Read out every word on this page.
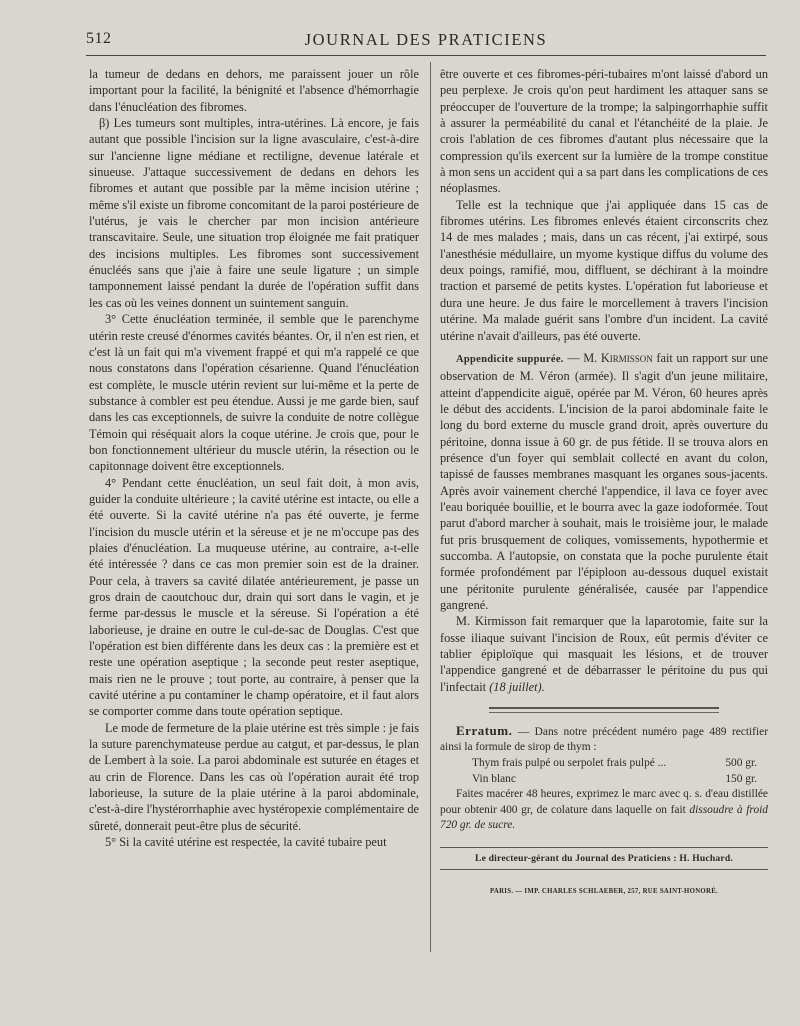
512	JOURNAL DES PRATICIENS

la tumeur de dedans en dehors, me paraissent jouer un rôle important pour la facilité, la bénignité et l'absence d'hémorrhagie dans l'énucléation des fibromes.

β) Les tumeurs sont multiples, intra-utérines. Là encore, je fais autant que possible l'incision sur la ligne avasculaire, c'est-à-dire sur l'ancienne ligne médiane et rectiligne, devenue latérale et sinueuse. J'attaque successivement de dedans en dehors les fibromes et autant que possible par la même incision utérine ; même s'il existe un fibrome concomitant de la paroi postérieure de l'utérus, je vais le chercher par mon incision antérieure transcavitaire. Seule, une situation trop éloignée me fait pratiquer des incisions multiples. Les fibromes sont successivement énucléés sans que j'aie à faire une seule ligature ; un simple tamponnement laissé pendant la durée de l'opération suffit dans les cas où les veines donnent un suintement sanguin.

3° Cette énucléation terminée, il semble que le parenchyme utérin reste creusé d'énormes cavités béantes. Or, il n'en est rien, et c'est là un fait qui m'a vivement frappé et qui m'a rappelé ce que nous constatons dans l'opération césarienne. Quand l'énucléation est complète, le muscle utérin revient sur lui-même et la perte de substance à combler est peu étendue. Aussi je me garde bien, sauf dans les cas exceptionnels, de suivre la conduite de notre collègue Témoin qui réséquait alors la coque utérine. Je crois que, pour le bon fonctionnement ultérieur du muscle utérin, la résection ou le capitonnage doivent être exceptionnels.

4° Pendant cette énucléation, un seul fait doit, à mon avis, guider la conduite ultérieure ; la cavité utérine est intacte, ou elle a été ouverte. Si la cavité utérine n'a pas été ouverte, je ferme l'incision du muscle utérin et la séreuse et je ne m'occupe pas des plaies d'énucléation. La muqueuse utérine, au contraire, a-t-elle été intéressée ? dans ce cas mon premier soin est de la drainer. Pour cela, à travers sa cavité dilatée antérieurement, je passe un gros drain de caoutchouc dur, drain qui sort dans le vagin, et je ferme par-dessus le muscle et la séreuse. Si l'opération a été laborieuse, je draine en outre le cul-de-sac de Douglas. C'est que l'opération est bien différente dans les deux cas : la première est et reste une opération aseptique ; la seconde peut rester aseptique, mais rien ne le prouve ; tout porte, au contraire, à penser que la cavité utérine a pu contaminer le champ opératoire, et il faut alors se comporter comme dans toute opération septique.

Le mode de fermeture de la plaie utérine est très simple : je fais la suture parenchymateuse perdue au catgut, et par-dessus, le plan de Lembert à la soie. La paroi abdominale est suturée en étages et au crin de Florence. Dans les cas où l'opération aurait été trop laborieuse, la suture de la plaie utérine à la paroi abdominale, c'est-à-dire l'hystérorrhaphie avec hystéropexie complémentaire de sûreté, donnerait peut-être plus de sécurité.

5° Si la cavité utérine est respectée, la cavité tubaire peut

être ouverte et ces fibromes-péri-tubaires m'ont laissé d'abord un peu perplexe. Je crois qu'on peut hardiment les attaquer sans se préoccuper de l'ouverture de la trompe; la salpingorrhaphie suffit à assurer la perméabilité du canal et l'étanchéité de la plaie. Je crois l'ablation de ces fibromes d'autant plus nécessaire que la compression qu'ils exercent sur la lumière de la trompe constitue à mon sens un accident qui a sa part dans les complications de ces néoplasmes.

Telle est la technique que j'ai appliquée dans 15 cas de fibromes utérins. Les fibromes enlevés étaient circonscrits chez 14 de mes malades ; mais, dans un cas récent, j'ai extirpé, sous l'anesthésie médullaire, un myome kystique diffus du volume des deux poings, ramifié, mou, diffluent, se déchirant à la moindre traction et parsemé de petits kystes. L'opération fut laborieuse et dura une heure. Je dus faire le morcellement à travers l'incision utérine. Ma malade guérit sans l'ombre d'un incident. La cavité utérine n'avait d'ailleurs, pas été ouverte.

Appendicite suppurée. — M. Kirmisson fait un rapport sur une observation de M. Véron (armée). Il s'agit d'un jeune militaire, atteint d'appendicite aiguë, opérée par M. Véron, 60 heures après le début des accidents. L'incision de la paroi abdominale faite le long du bord externe du muscle grand droit, après ouverture du péritoine, donna issue à 60 gr. de pus fétide. Il se trouva alors en présence d'un foyer qui semblait collecté en avant du colon, tapissé de fausses membranes masquant les organes sous-jacents. Après avoir vainement cherché l'appendice, il lava ce foyer avec l'eau boriquée bouillie, et le bourra avec la gaze iodoformée. Tout parut d'abord marcher à souhait, mais le troisième jour, le malade fut pris brusquement de coliques, vomissements, hypothermie et succomba. A l'autopsie, on constata que la poche purulente était formée profondément par l'épiploon au-dessous duquel existait une péritonite purulente généralisée, causée par l'appendice gangrené.

M. Kirmisson fait remarquer que la laparotomie, faite sur la fosse iliaque suivant l'incision de Roux, eût permis d'éviter ce tablier épiploïque qui masquait les lésions, et de trouver l'appendice gangrené et de débarrasser le péritoine du pus qui l'infectait (18 juillet).

Erratum. — Dans notre précédent numéro page 489 rectifier ainsi la formule de sirop de thym :

Thym frais pulpé ou serpolet frais pulpé ...	500 gr.
Vin blanc	150 gr.

Faites macérer 48 heures, exprimez le marc avec q. s. d'eau distillée pour obtenir 400 gr, de colature dans laquelle on fait dissoudre à froid 720 gr. de sucre.

Le directeur-gérant du Journal des Praticiens : H. Huchard.
PARIS. — IMP. CHARLES SCHLAEBER, 257, RUE SAINT-HONORÉ.
